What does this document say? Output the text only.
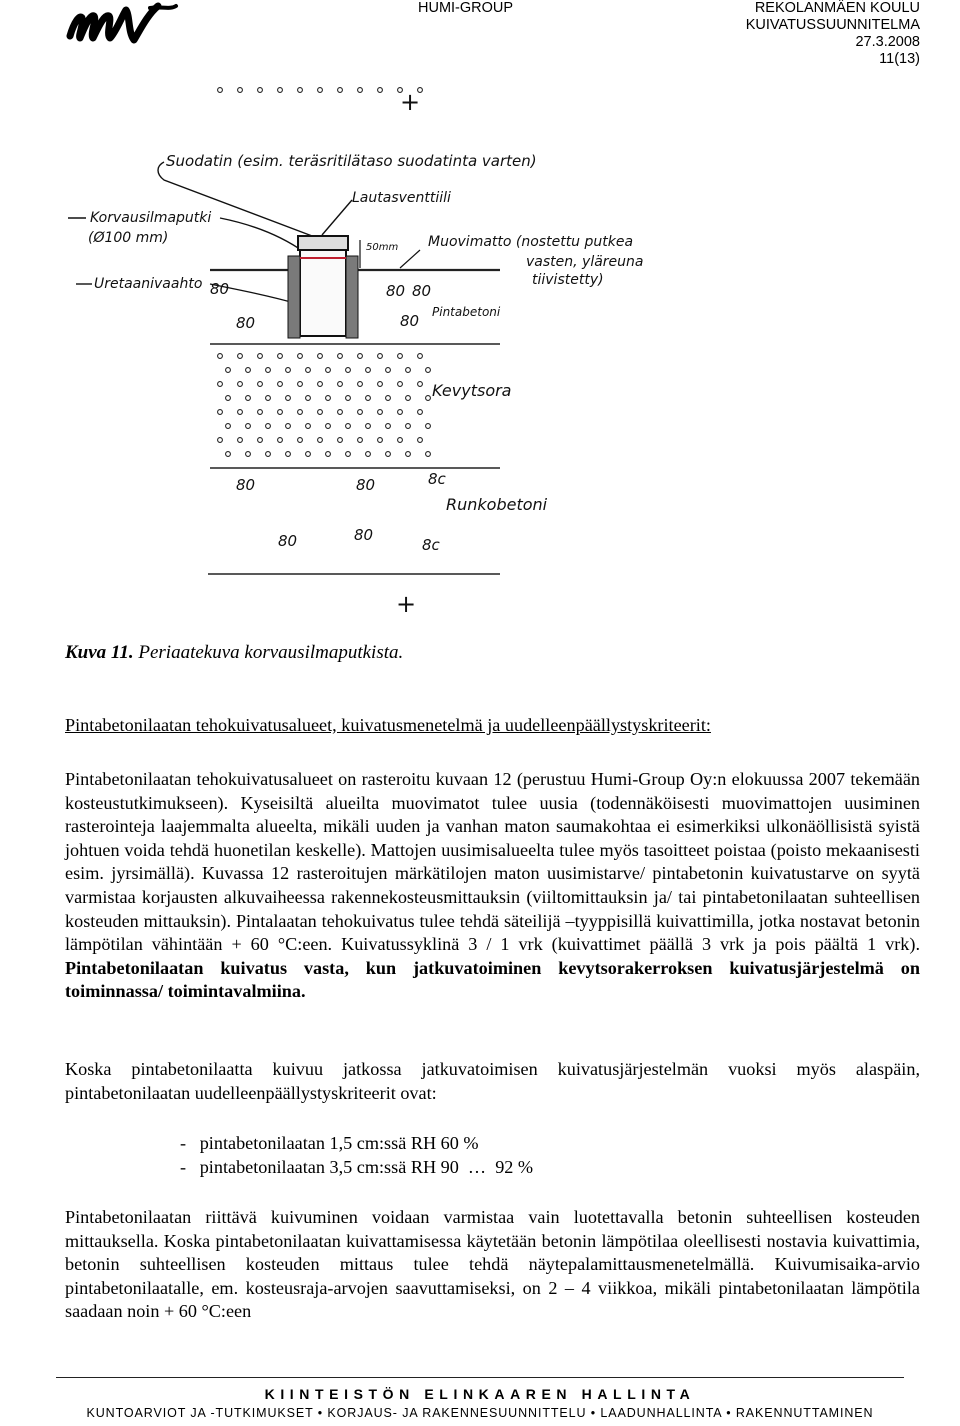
HUMI-GROUP	REKOLANMÄEN KOULU
KUIVATUSSUUNNITELMA
27.3.2008
11(13)
+
+
Suodatin (esim. teräsritilätaso suodatinta varten)
Lautasventtiili
Korvausilmaputki
(Ø100 mm)
Uretaanivaahto
Muovimatto (nostettu putkea
vasten, yläreuna
tiivistetty)
50mm
80
80
80 80
80 Pintabetoni
Kevytsora
80	80	8c
80	80
8c
Runkobetoni
Kuva 11. Periaatekuva korvausilmaputkista.
Pintabetonilaatan tehokuivatusalueet, kuivatusmenetelmä ja uudelleenpäällystyskriteerit:
Pintabetonilaatan tehokuivatusalueet on rasteroitu kuvaan 12 (perustuu Humi-Group Oy:n elokuussa 2007 tekemään kosteustutkimukseen). Kyseisiltä alueilta muovimatot tulee uusia (todennäköisesti muovimattojen uusiminen rasterointeja laajemmalta alueelta, mikäli uuden ja vanhan maton saumakohtaa ei esimerkiksi ulkonäöllisistä syistä johtuen voida tehdä huonetilan keskelle). Mattojen uusimisalueelta tulee myös tasoitteet poistaa (poisto mekaanisesti esim. jyrsimällä). Kuvassa 12 rasteroitujen märkätilojen maton uusimistarve/ pintabetonin kuivatustarve on syytä varmistaa korjausten alkuvaiheessa rakennekosteusmittauksin (viiltomittauksin ja/ tai pintabetonilaatan suhteellisen kosteuden mittauksin). Pintalaatan tehokuivatus tulee tehdä säteilijä –tyyppisillä kuivattimilla, jotka nostavat betonin lämpötilan vähintään + 60 °C:een. Kuivatussyklinä 3 / 1 vrk (kuivattimet päällä 3 vrk ja pois päältä 1 vrk). Pintabetonilaatan kuivatus vasta, kun jatkuvatoiminen kevytsorakerroksen kuivatusjärjestelmä on toiminnassa/ toimintavalmiina.
Koska pintabetonilaatta kuivuu jatkossa jatkuvatoimisen kuivatusjärjestelmän vuoksi myös alaspäin, pintabetonilaatan uudelleenpäällystyskriteerit ovat:
-   pintabetonilaatan 1,5 cm:ssä RH 60 %
-   pintabetonilaatan 3,5 cm:ssä RH 90  …  92 %
Pintabetonilaatan riittävä kuivuminen voidaan varmistaa vain luotettavalla betonin suhteellisen kosteuden mittauksella. Koska pintabetonilaatan kuivattamisessa käytetään betonin lämpötilaa oleellisesti nostavia kuivattimia, betonin suhteellisen kosteuden mittaus tulee tehdä näytepalamittausmenetelmällä. Kuivumisaika-arvio pintabetonilaatalle, em. kosteusraja-arvojen saavuttamiseksi, on 2 – 4 viikkoa, mikäli pintabetonilaatan lämpötila saadaan noin + 60 °C:een
KIINTEISTÖN ELINKAAREN HALLINTA
KUNTOARVIOT JA -TUTKIMUKSET • KORJAUS- JA RAKENNESUUNNITTELU • LAADUNHALLINTA • RAKENNUTTAMINEN
